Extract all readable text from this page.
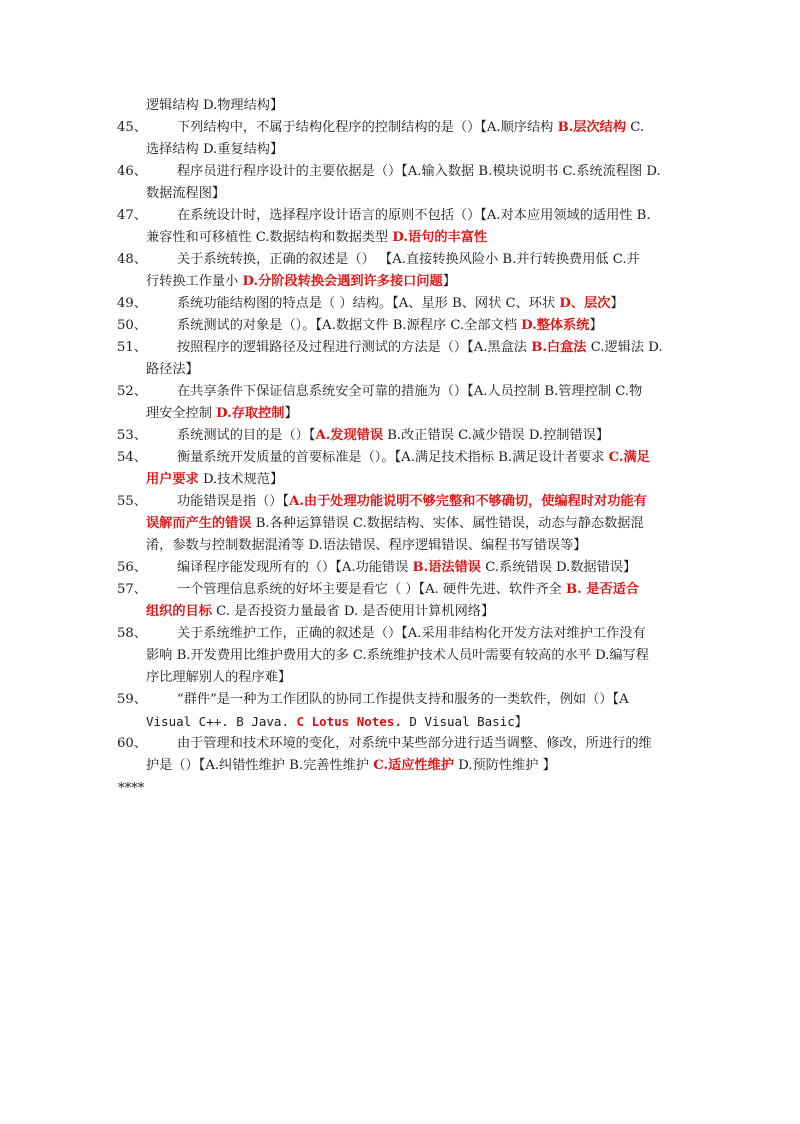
逻辑结构 D.物理结构】
45、	下列结构中，不属于结构化程序的控制结构的是（）【A.顺序结构 B.层次结构 C.
选择结构 D.重复结构】
46、	程序员进行程序设计的主要依据是（）【A.输入数据 B.模块说明书 C.系统流程图 D.
数据流程图】
47、	在系统设计时，选择程序设计语言的原则不包括（）【A.对本应用领域的适用性 B.
兼容性和可移植性 C.数据结构和数据类型 D.语句的丰富性
48、	关于系统转换，正确的叙述是（） 【A.直接转换风险小 B.并行转换费用低 C.并
行转换工作量小 D.分阶段转换会遇到许多接口问题】
49、	系统功能结构图的特点是（ ）结构。【A、星形 B、网状 C、环状 D、层次】
50、	系统测试的对象是（）。【A.数据文件 B.源程序 C.全部文档 D.整体系统】
51、	按照程序的逻辑路径及过程进行测试的方法是（）【A.黑盒法 B.白盒法 C.逻辑法 D.
路径法】
52、	在共享条件下保证信息系统安全可靠的措施为（）【A.人员控制 B.管理控制 C.物
理安全控制 D.存取控制】
53、	系统测试的目的是（）【A.发现错误 B.改正错误 C.减少错误 D.控制错误】
54、	衡量系统开发质量的首要标准是（）。【A.满足技术指标 B.满足设计者要求 C.满足
用户要求 D.技术规范】
55、	功能错误是指（）【A.由于处理功能说明不够完整和不够确切，使编程时对功能有
误解而产生的错误 B.各种运算错误 C.数据结构、实体、属性错误，动态与静态数据混
淆，参数与控制数据混淆等 D.语法错误、程序逻辑错误、编程书写错误等】
56、	编译程序能发现所有的（）【A.功能错误 B.语法错误 C.系统错误 D.数据错误】
57、	一个管理信息系统的好坏主要是看它（ ）【A. 硬件先进、软件齐全 B. 是否适合
组织的目标 C. 是否投资力量最省 D. 是否使用计算机网络】
58、	关于系统维护工作，正确的叙述是（）【A.采用非结构化开发方法对维护工作没有
影响 B.开发费用比维护费用大的多 C.系统维护技术人员叶需要有较高的水平 D.编写程
序比理解别人的程序难】
59、	“群件”是一种为工作团队的协同工作提供支持和服务的一类软件，例如（）【A
Visual C++. B Java. C Lotus Notes. D Visual Basic】
60、	由于管理和技术环境的变化，对系统中某些部分进行适当调整、修改，所进行的维
护是（）【A.纠错性维护 B.完善性维护 C.适应性维护 D.预防性维护 】
****
